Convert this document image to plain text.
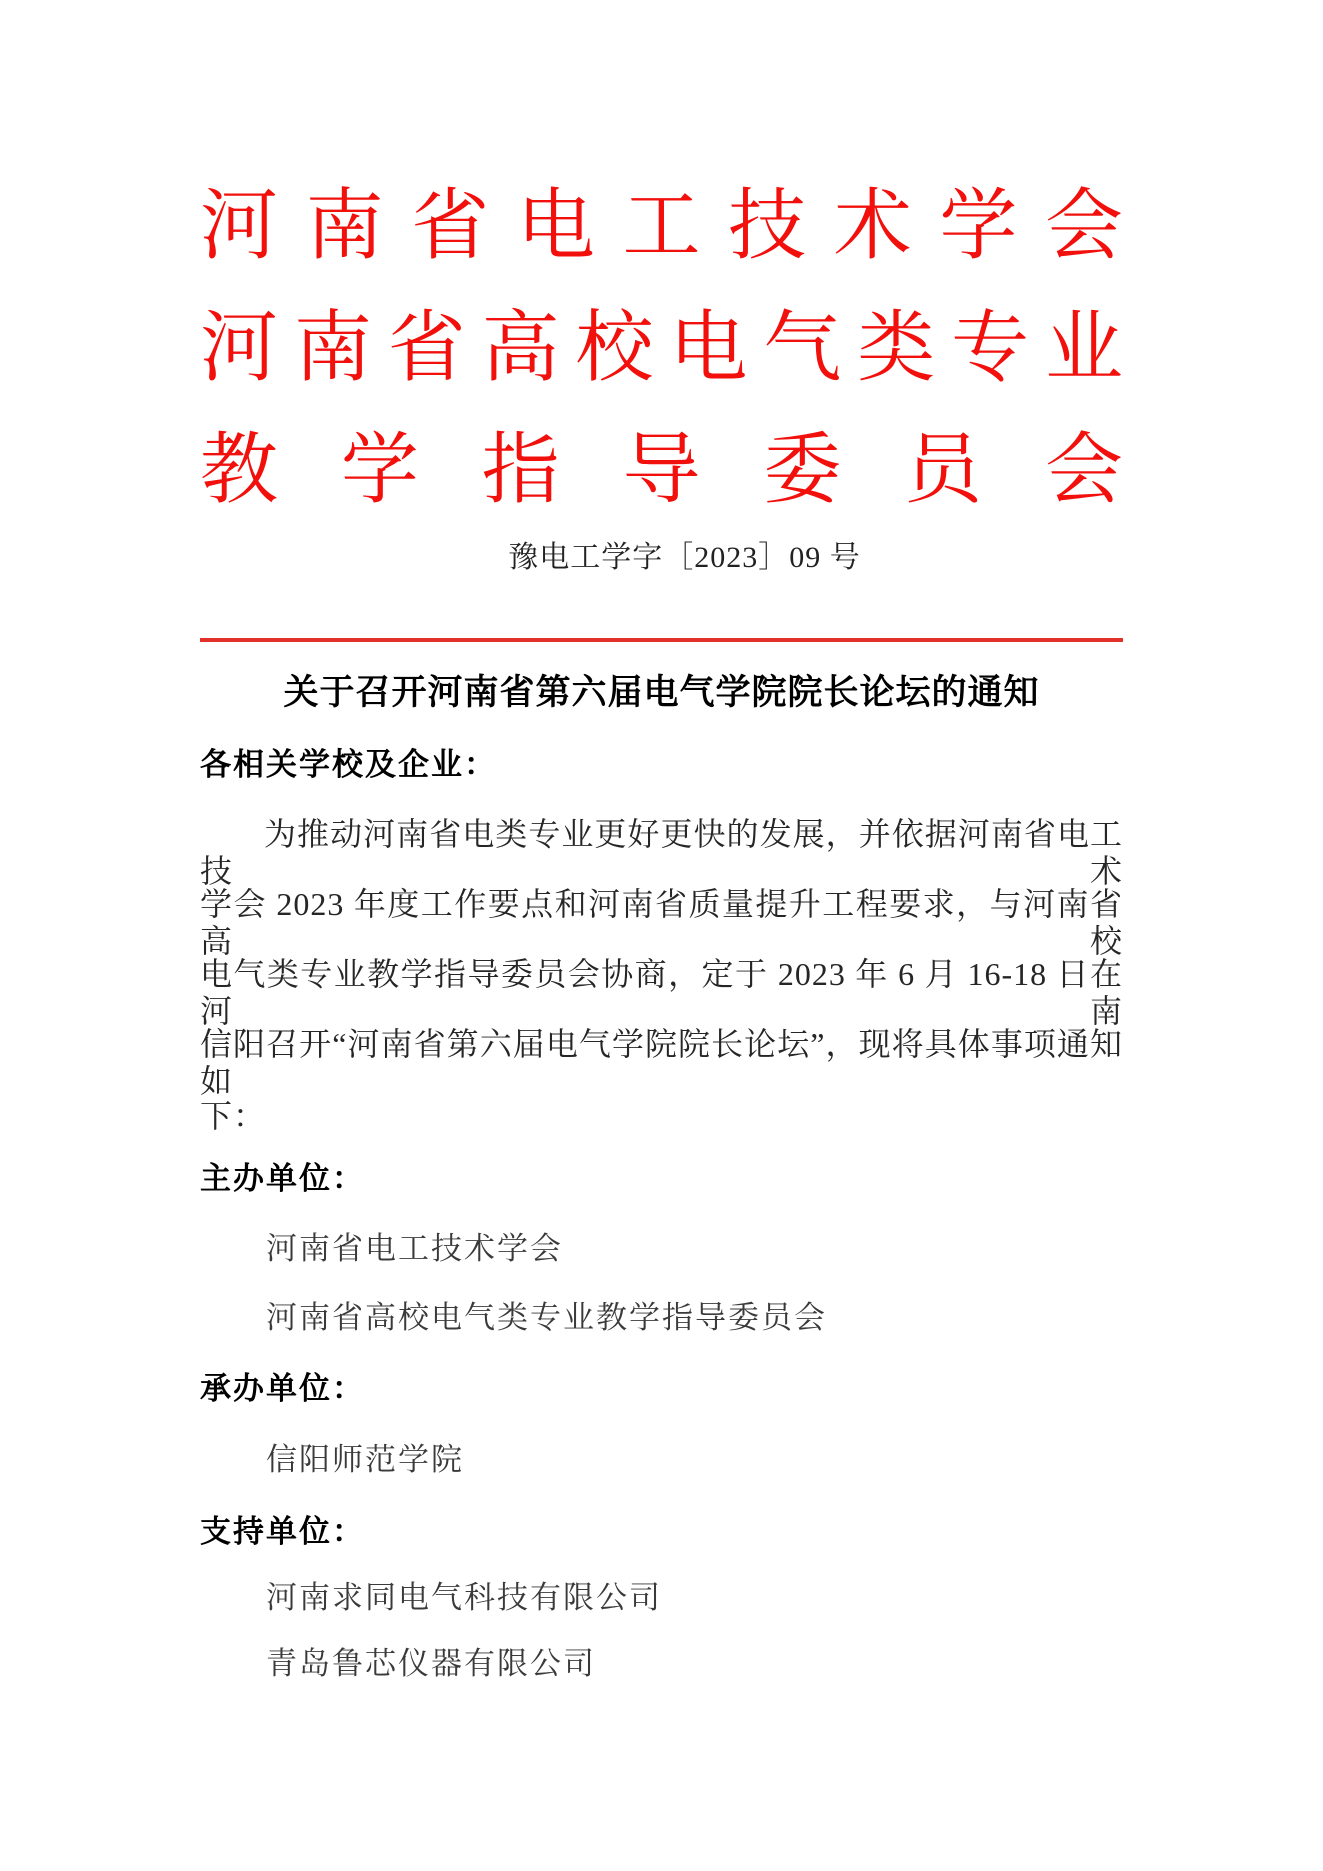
河南省电工技术学会
河南省高校电气类专业
教学指导委员会
豫电工学字［2023］09 号
关于召开河南省第六届电气学院院长论坛的通知
各相关学校及企业：
为推动河南省电类专业更好更快的发展，并依据河南省电工技术
学会 2023 年度工作要点和河南省质量提升工程要求，与河南省高校
电气类专业教学指导委员会协商，定于 2023 年 6 月 16-18 日在河南
信阳召开“河南省第六届电气学院院长论坛”，现将具体事项通知如
下：
主办单位：
河南省电工技术学会
河南省高校电气类专业教学指导委员会
承办单位：
信阳师范学院
支持单位：
河南求同电气科技有限公司
青岛鲁芯仪器有限公司
